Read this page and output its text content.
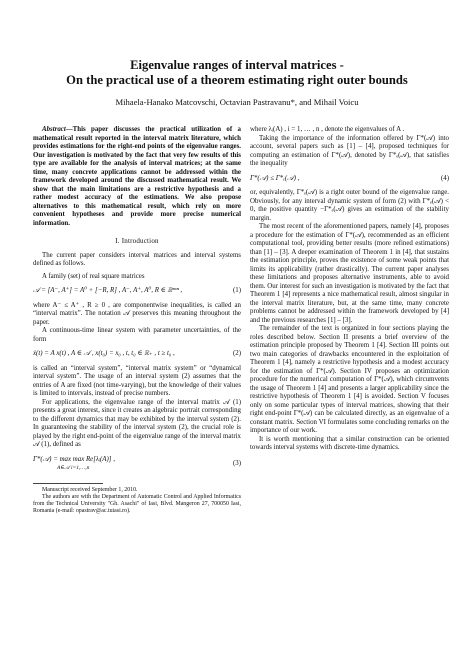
Eigenvalue ranges of interval matrices -
On the practical use of a theorem estimating right outer bounds
Mihaela-Hanako Matcovschi, Octavian Pastravanu*, and Mihail Voicu

Abstract—This paper discusses the practical utilization of a mathematical result reported in the interval matrix literature, which provides estimations for the right-end points of the eigenvalue ranges. Our investigation is motivated by the fact that very few results of this type are available for the analysis of interval matrices; at the same time, many concrete applications cannot be addressed within the framework developed around the discussed mathematical result. We show that the main limitations are a restrictive hypothesis and a rather modest accuracy of the estimations. We also propose alternatives to this mathematical result, which rely on more convenient hypotheses and provide more precise numerical information.

I. Introduction

The current paper considers interval matrices and interval systems defined as follows.

A family (set) of real square matrices

𝒜 = [A⁻, A⁺] = A⁰ + [−R, R] , A⁻, A⁺, A⁰, R ∈ ℝⁿˣⁿ ,	(1)

where A⁻ ≤ A⁺ , R ≥ 0 , are componentwise inequalities, is called an “interval matrix”. The notation 𝒜 preserves this meaning throughout the paper.

A continuous-time linear system with parameter uncertainties, of the form

ẋ(t) = A x(t) , A ∈ 𝒜 , x(t₀) = x₀ , t, t₀ ∈ ℝ₊ , t ≥ t₀ ,	(2)

is called an “interval system”, “interval matrix system” or “dynamical interval system”. The usage of an interval system (2) assumes that the entries of A are fixed (not time-varying), but the knowledge of their values is limited to intervals, instead of precise numbers.

For applications, the eigenvalue range of the interval matrix 𝒜 (1) presents a great interest, since it creates an algebraic portrait corresponding to the different dynamics that may be exhibited by the interval system (2). In guaranteeing the stability of the interval system (2), the crucial role is played by the right end-point of the eigenvalue range of the interval matrix 𝒜 (1), defined as

Γ*(𝒜) = max max Re[λᵢ(A)] ,
A∈𝒜 i=1,…,n
(3)

Manuscript received September 1, 2010.

The authors are with the Department of Automatic Control and Applied Informatics from the Technical University "Gh. Asachi" of Iasi, Blvd. Mangeron 27, 700050 Iasi, Romania (e-mail: opastrav@ac.tuiasi.ro).

where λᵢ(A) , i = 1, … , n , denote the eigenvalues of A .

Taking the importance of the information offered by Γ*(𝒜) into account, several papers such as [1] – [4], proposed techniques for computing an estimation of Γ*(𝒜), denoted by Γ*ₑ(𝒜), that satisfies the inequality

Γ*(𝒜) ≤ Γ*ₑ(𝒜) ,	(4)

or, equivalently, Γ*ₑ(𝒜) is a right outer bound of the eigenvalue range. Obviously, for any interval dynamic system of form (2) with Γ*ₑ(𝒜) < 0, the positive quantity −Γ*ₑ(𝒜) gives an estimation of the stability margin.

The most recent of the aforementioned papers, namely [4], proposes a procedure for the estimation of Γ*(𝒜), recommended as an efficient computational tool, providing better results (more refined estimations) than [1] – [3]. A deeper examination of Theorem 1 in [4], that sustains the estimation principle, proves the existence of some weak points that limits its applicability (rather drastically). The current paper analyses these limitations and proposes alternative instruments, able to avoid them. Our interest for such an investigation is motivated by the fact that Theorem 1 [4] represents a nice mathematical result, almost singular in the interval matrix literature, but, at the same time, many concrete problems cannot be addressed within the framework developed by [4] and the previous researches [1] – [3].

The remainder of the text is organized in four sections playing the roles described below. Section II presents a brief overview of the estimation principle proposed by Theorem 1 [4]. Section III points out two main categories of drawbacks encountered in the exploitation of Theorem 1 [4], namely a restrictive hypothesis and a modest accuracy for the estimation of Γ*(𝒜). Section IV proposes an optimization procedure for the numerical computation of Γ*(𝒜), which circumvents the usage of Theorem 1 [4] and presents a larger applicability since the restrictive hypothesis of Theorem 1 [4] is avoided. Section V focuses only on some particular types of interval matrices, showing that their right end-point Γ*(𝒜) can be calculated directly, as an eigenvalue of a constant matrix. Section VI formulates some concluding remarks on the importance of our work.

It is worth mentioning that a similar construction can be oriented towards interval systems with discrete-time dynamics.
